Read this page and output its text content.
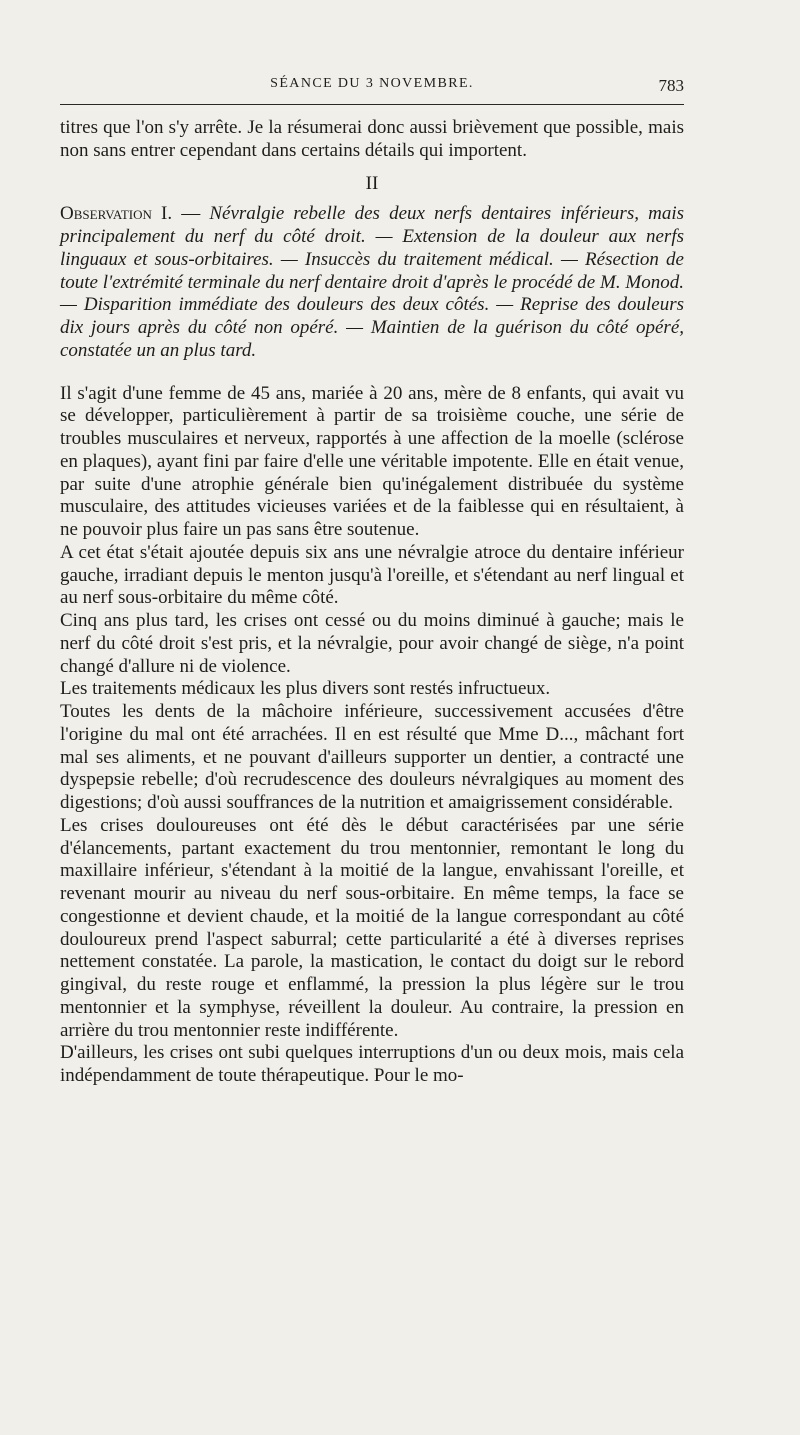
SÉANCE DU 3 NOVEMBRE.	783

titres que l'on s'y arrête. Je la résumerai donc aussi brièvement que possible, mais non sans entrer cependant dans certains détails qui importent.

II

Observation I. — Névralgie rebelle des deux nerfs dentaires inférieurs, mais principalement du nerf du côté droit. — Extension de la douleur aux nerfs linguaux et sous-orbitaires. — Insuccès du traitement médical. — Résection de toute l'extrémité terminale du nerf dentaire droit d'après le procédé de M. Monod. — Disparition immédiate des douleurs des deux côtés. — Reprise des douleurs dix jours après du côté non opéré. — Maintien de la guérison du côté opéré, constatée un an plus tard.

Il s'agit d'une femme de 45 ans, mariée à 20 ans, mère de 8 enfants, qui avait vu se développer, particulièrement à partir de sa troisième couche, une série de troubles musculaires et nerveux, rapportés à une affection de la moelle (sclérose en plaques), ayant fini par faire d'elle une véritable impotente. Elle en était venue, par suite d'une atrophie générale bien qu'inégalement distribuée du système musculaire, des attitudes vicieuses variées et de la faiblesse qui en résultaient, à ne pouvoir plus faire un pas sans être soutenue.

A cet état s'était ajoutée depuis six ans une névralgie atroce du dentaire inférieur gauche, irradiant depuis le menton jusqu'à l'oreille, et s'étendant au nerf lingual et au nerf sous-orbitaire du même côté.

Cinq ans plus tard, les crises ont cessé ou du moins diminué à gauche; mais le nerf du côté droit s'est pris, et la névralgie, pour avoir changé de siège, n'a point changé d'allure ni de violence.

Les traitements médicaux les plus divers sont restés infructueux.

Toutes les dents de la mâchoire inférieure, successivement accusées d'être l'origine du mal ont été arrachées. Il en est résulté que Mme D..., mâchant fort mal ses aliments, et ne pouvant d'ailleurs supporter un dentier, a contracté une dyspepsie rebelle; d'où recrudescence des douleurs névralgiques au moment des digestions; d'où aussi souffrances de la nutrition et amaigrissement considérable.

Les crises douloureuses ont été dès le début caractérisées par une série d'élancements, partant exactement du trou mentonnier, remontant le long du maxillaire inférieur, s'étendant à la moitié de la langue, envahissant l'oreille, et revenant mourir au niveau du nerf sous-orbitaire. En même temps, la face se congestionne et devient chaude, et la moitié de la langue correspondant au côté douloureux prend l'aspect saburral; cette particularité a été à diverses reprises nettement constatée. La parole, la mastication, le contact du doigt sur le rebord gingival, du reste rouge et enflammé, la pression la plus légère sur le trou mentonnier et la symphyse, réveillent la douleur. Au contraire, la pression en arrière du trou mentonnier reste indifférente.

D'ailleurs, les crises ont subi quelques interruptions d'un ou deux mois, mais cela indépendamment de toute thérapeutique. Pour le mo-
